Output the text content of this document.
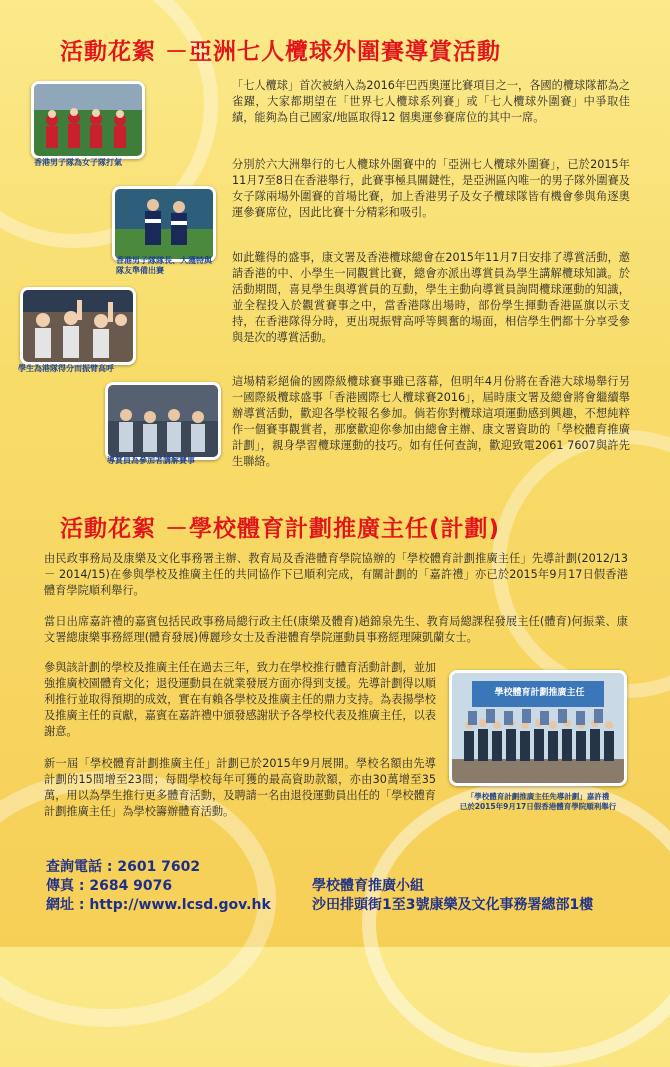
活動花絮 －亞洲七人欖球外圍賽導賞活動
香港男子隊為女子隊打氣
香港男子隊隊長、大獲特與隊友準備出賽
學生為港隊得分而振臂高呼
導賞員為參加者講解賽事
「七人欖球」首次被納入為2016年巴西奧運比賽項目之一，各國的欖球隊都為之雀躍，大家都期望在「世界七人欖球系列賽」或「七人欖球外圍賽」中爭取佳績，能夠為自己國家/地區取得12 個奧運參賽席位的其中一席。
分別於六大洲舉行的七人欖球外圍賽中的「亞洲七人欖球外圍賽」，已於2015年11月7至8日在香港舉行，此賽事極具關鍵性，是亞洲區內唯一的男子隊外圍賽及女子隊兩場外圍賽的首場比賽，加上香港男子及女子欖球隊皆有機會參與角逐奧運參賽席位，因此比賽十分精彩和吸引。
如此難得的盛事，康文署及香港欖球總會在2015年11月7日安排了導賞活動，邀請香港的中、小學生一同觀賞比賽，總會亦派出導賞員為學生講解欖球知識。於活動期間，喜見學生與導賞員的互動，學生主動向導賞員詢問欖球運動的知識，並全程投入於觀賞賽事之中，當香港隊出場時，部份學生揮動香港區旗以示支持，在香港隊得分時，更出現振臂高呼等興奮的場面，相信學生們都十分享受參與是次的導賞活動。
這場精彩絕倫的國際級欖球賽事雖已落幕，但明年4月份將在香港大球場舉行另一國際級欖球盛事「香港國際七人欖球賽2016」，屆時康文署及總會將會繼續舉辦導賞活動，歡迎各學校報名參加。倘若你對欖球這項運動感到興趣，不想純粹作一個賽事觀賞者，那麼歡迎你參加由總會主辦、康文署資助的「學校體育推廣計劃」，親身學習欖球運動的技巧。如有任何查詢，歡迎致電2061 7607與許先生聯絡。
活動花絮 －學校體育計劃推廣主任(計劃)
由民政事務局及康樂及文化事務署主辦、教育局及香港體育學院協辦的「學校體育計劃推廣主任」先導計劃(2012/13 － 2014/15)在參與學校及推廣主任的共同協作下已順利完成，有關計劃的「嘉許禮」亦已於2015年9月17日假香港體育學院順利舉行。
當日出席嘉許禮的嘉賓包括民政事務局總行政主任(康樂及體育)趙錦泉先生、教育局總課程發展主任(體育)何振業、康文署總康樂事務經理(體育發展)傅麗珍女士及香港體育學院運動員事務經理陳凱蘭女士。
參與該計劃的學校及推廣主任在過去三年，致力在學校推行體育活動計劃，並加強推廣校園體育文化；退役運動員在就業發展方面亦得到支援。先導計劃得以順利推行並取得預期的成效，實在有賴各學校及推廣主任的鼎力支持。為表揚學校及推廣主任的貢獻，嘉賓在嘉許禮中頒發感謝狀予各學校代表及推廣主任，以表謝意。
新一屆「學校體育計劃推廣主任」計劃已於2015年9月展開。學校名額由先導計劃的15間增至23間；每間學校每年可獲的最高資助款額，亦由30萬增至35萬，用以為學生推行更多體育活動，及聘請一名由退役運動員出任的「學校體育計劃推廣主任」為學校籌辦體育活動。
學校體育計劃推廣主任
「學校體育計劃推廣主任先導計劃」嘉許禮
已於2015年9月17日假香港體育學院順利舉行
查詢電話 : 2601 7602
傳真 : 2684 9076
網址 : http://www.lcsd.gov.hk
學校體育推廣小組
沙田排頭街1至3號康樂及文化事務署總部1樓
